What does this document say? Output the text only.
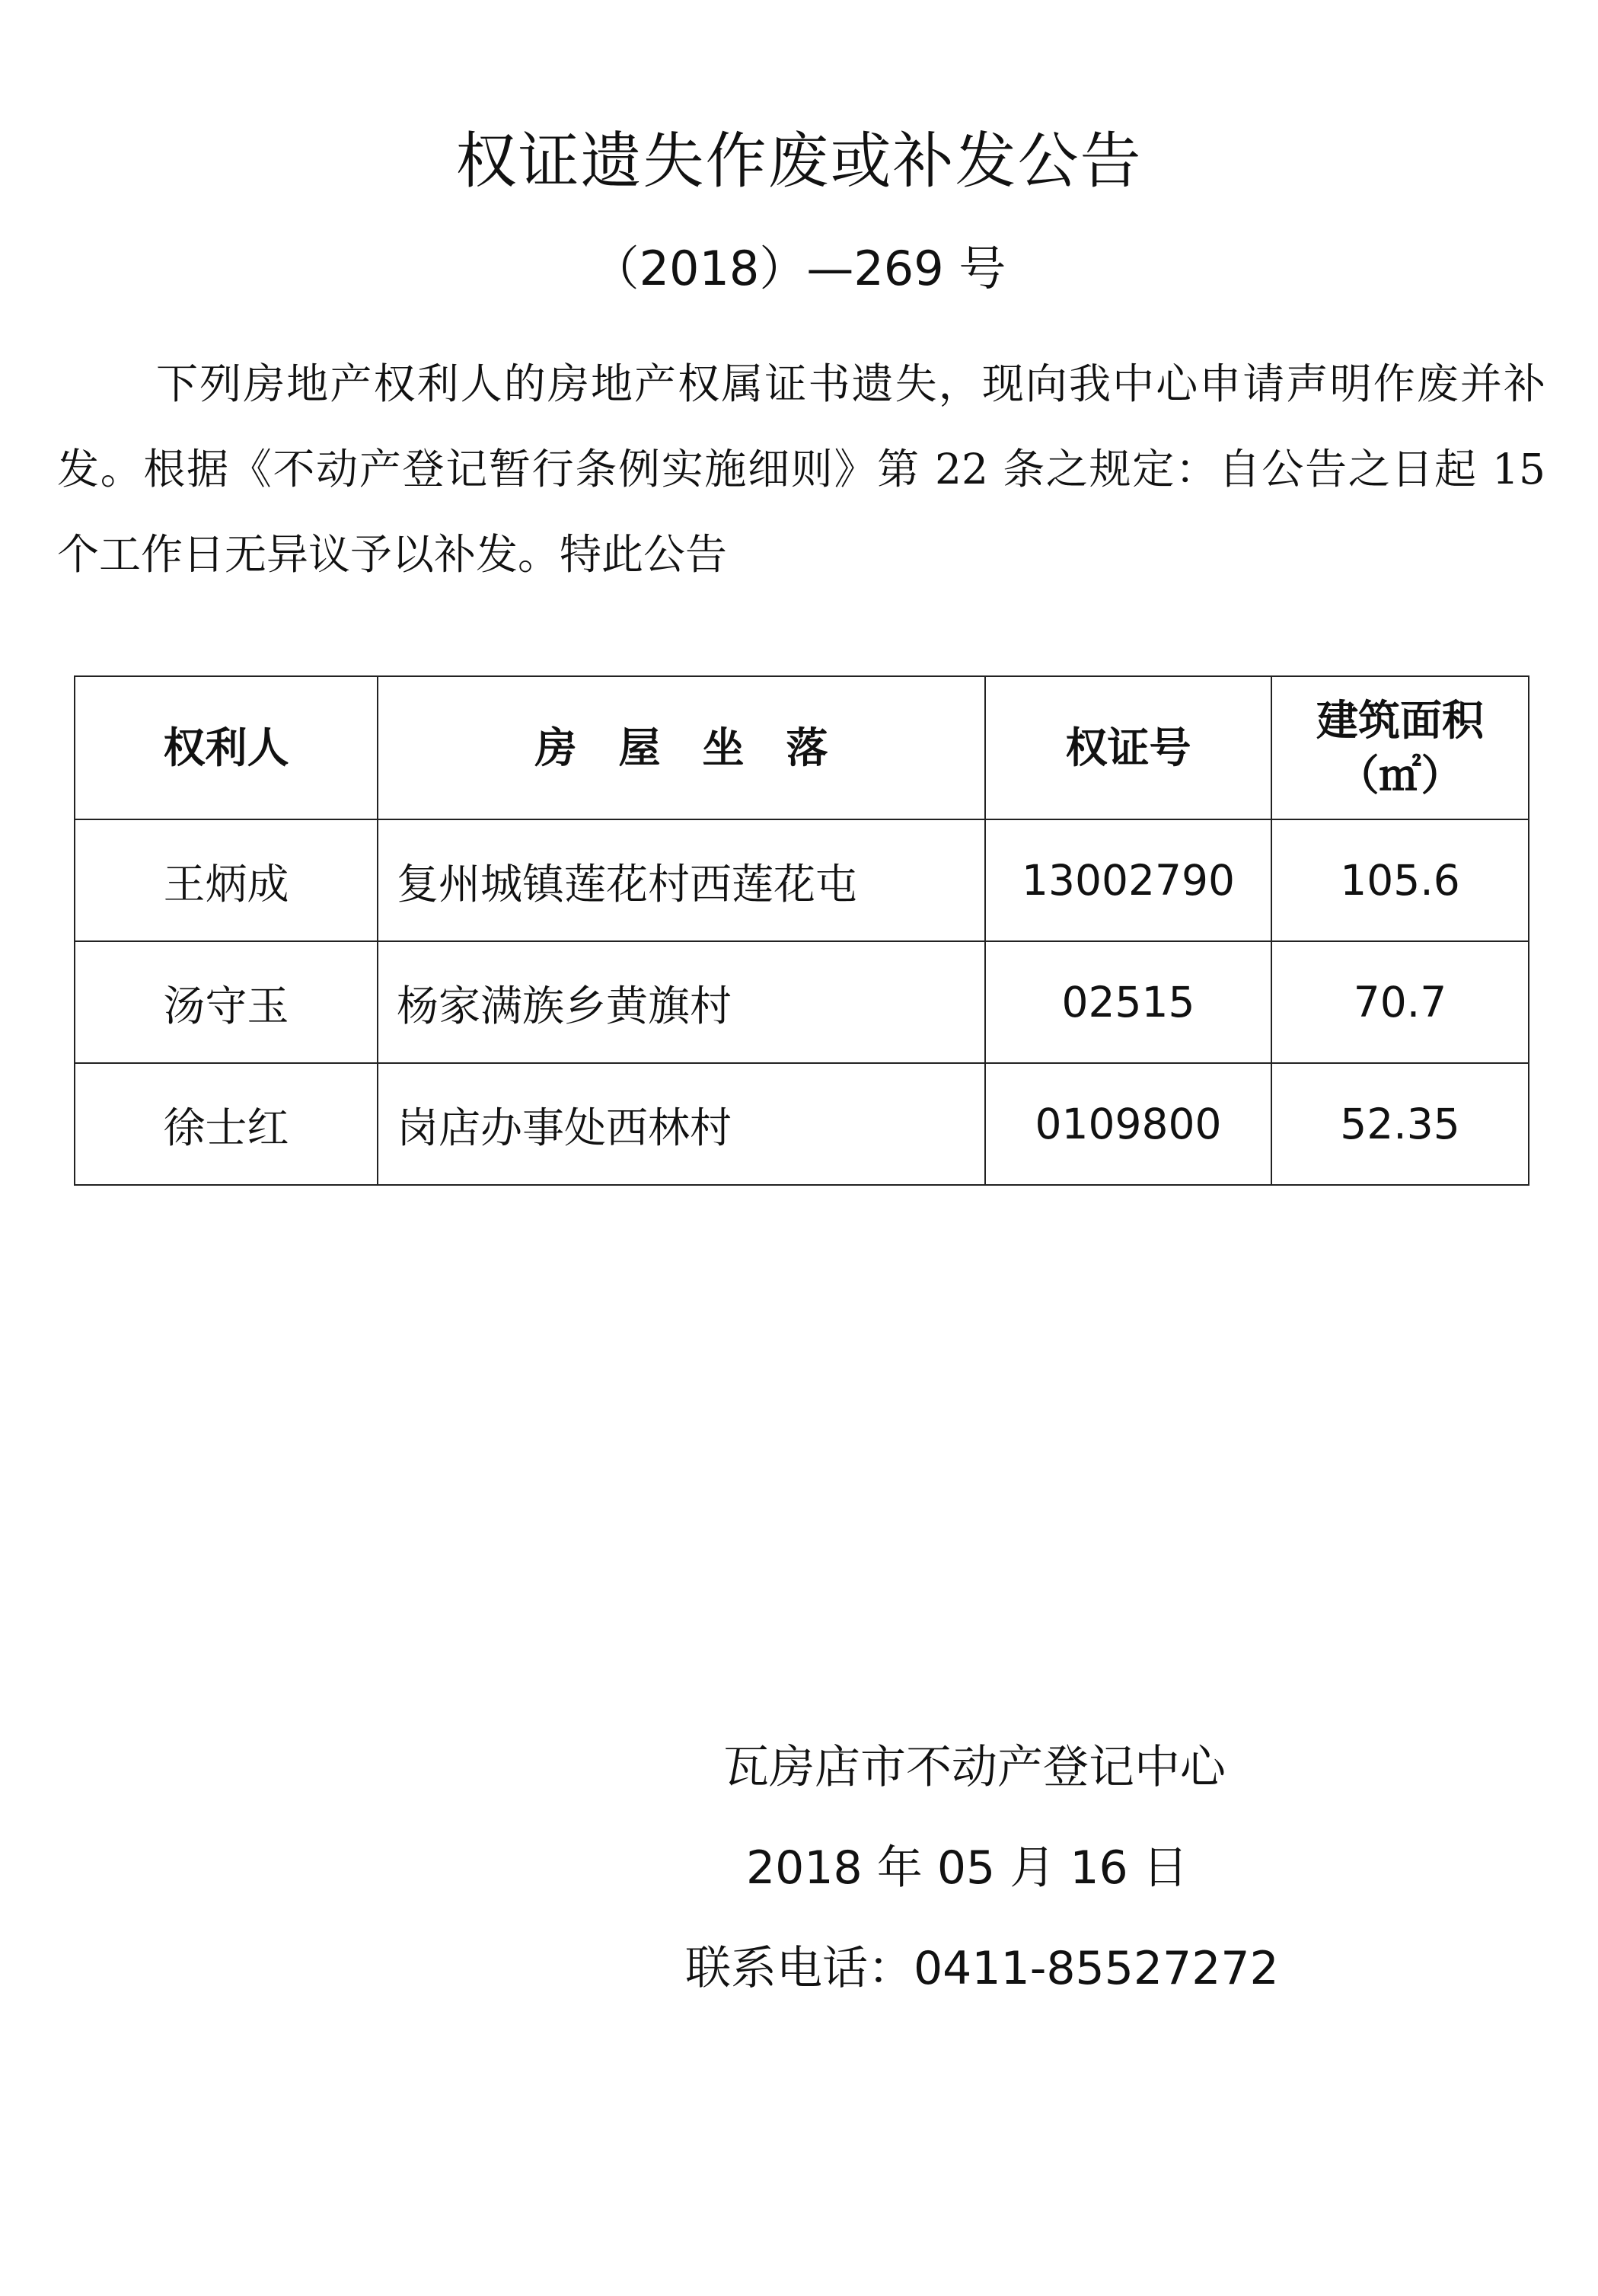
权证遗失作废或补发公告
（2018）—269 号
下列房地产权利人的房地产权属证书遗失，现向我中心申请声明作废并补发。根据《不动产登记暂行条例实施细则》第 22 条之规定：自公告之日起 15 个工作日无异议予以补发。特此公告
权利人	房　屋　坐　落	权证号	建筑面积
（㎡）

王炳成	复州城镇莲花村西莲花屯	13002790	105.6
汤守玉	杨家满族乡黄旗村	02515	70.7
徐士红	岗店办事处西林村	0109800	52.35
瓦房店市不动产登记中心
2018 年 05 月 16 日
联系电话：0411-85527272
